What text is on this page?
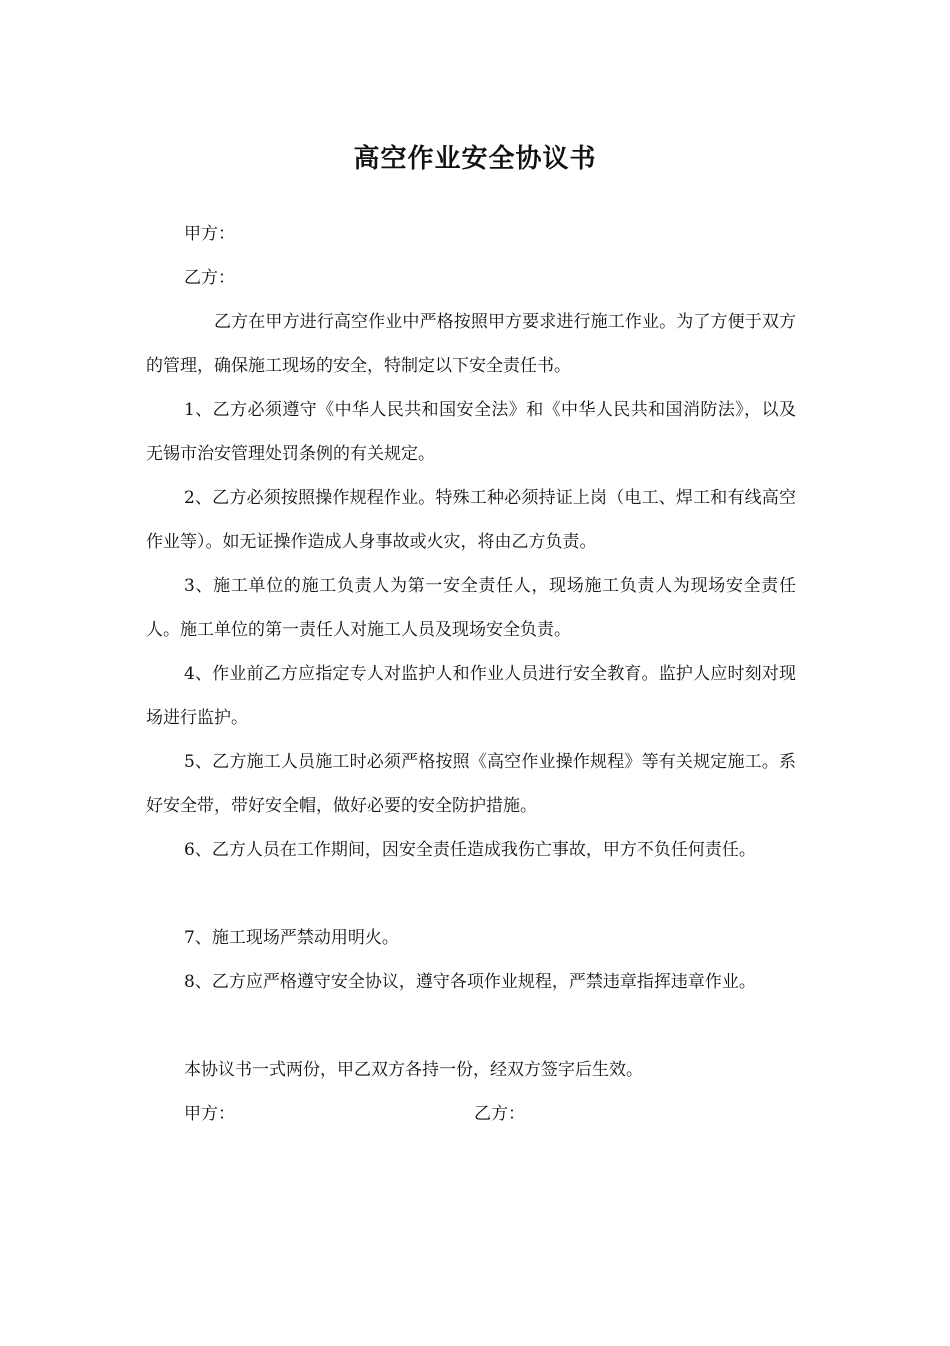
高空作业安全协议书

甲方：

乙方：

乙方在甲方进行高空作业中严格按照甲方要求进行施工作业。为了方便于双方的管理，确保施工现场的安全，特制定以下安全责任书。

1、乙方必须遵守《中华人民共和国安全法》和《中华人民共和国消防法》，以及无锡市治安管理处罚条例的有关规定。

2、乙方必须按照操作规程作业。特殊工种必须持证上岗（电工、焊工和有线高空作业等）。如无证操作造成人身事故或火灾，将由乙方负责。

3、施工单位的施工负责人为第一安全责任人，现场施工负责人为现场安全责任人。施工单位的第一责任人对施工人员及现场安全负责。

4、作业前乙方应指定专人对监护人和作业人员进行安全教育。监护人应时刻对现场进行监护。

5、乙方施工人员施工时必须严格按照《高空作业操作规程》等有关规定施工。系好安全带，带好安全帽，做好必要的安全防护措施。

6、乙方人员在工作期间，因安全责任造成我伤亡事故，甲方不负任何责任。

7、施工现场严禁动用明火。

8、乙方应严格遵守安全协议，遵守各项作业规程，严禁违章指挥违章作业。

本协议书一式两份，甲乙双方各持一份，经双方签字后生效。

甲方：	乙方：
